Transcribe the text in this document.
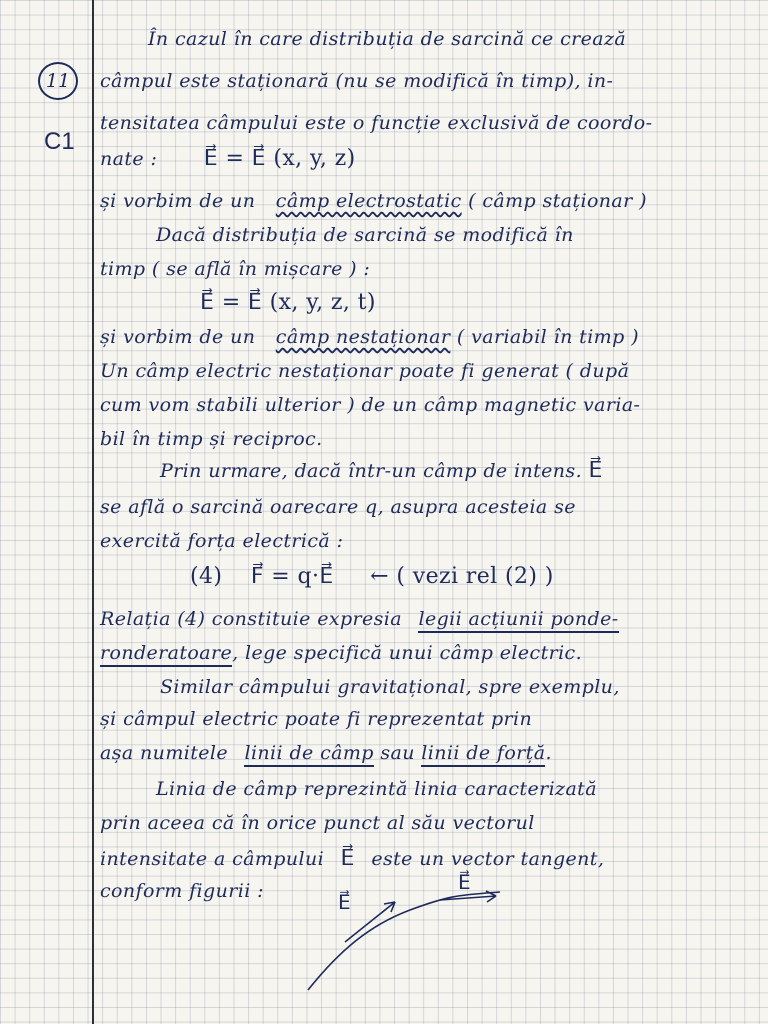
11
C1
În cazul în care distribuția de sarcină ce crează
câmpul este staționară (nu se modifică în timp), in-
tensitatea câmpului este o funcție exclusivă de coordo-
nate : E⃗ = E⃗ (x, y, z)
și vorbim de un câmp electrostatic ( câmp staționar )
Dacă distribuția de sarcină se modifică în
timp ( se află în mișcare ) :
E⃗ = E⃗ (x, y, z, t)
și vorbim de un câmp nestaționar ( variabil în timp )
Un câmp electric nestaționar poate fi generat ( după
cum vom stabili ulterior ) de un câmp magnetic varia-
bil în timp și reciproc.
Prin urmare, dacă într-un câmp de intens. E⃗
se află o sarcină oarecare q, asupra acesteia se
exercită forța electrică :
(4) F⃗ = q·E⃗ ← ( vezi rel (2) )
Relația (4) constituie expresia legii acțiunii ponde-
ronderatoare, lege specifică unui câmp electric.
Similar câmpului gravitațional, spre exemplu,
și câmpul electric poate fi reprezentat prin
așa numitele linii de câmp sau linii de forță.
Linia de câmp reprezintă linia caracterizată
prin aceea că în orice punct al său vectorul
intensitate a câmpului E⃗ este un vector tangent,
conform figurii :	E⃗
E⃗
